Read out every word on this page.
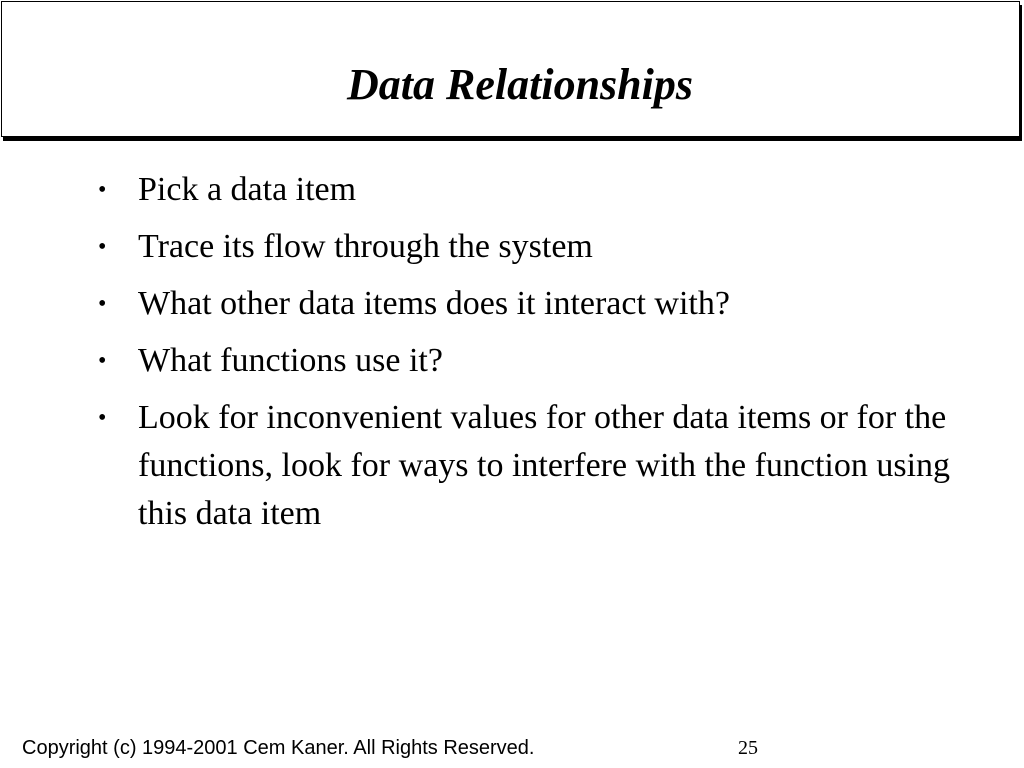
Data Relationships
• Pick a data item
• Trace its flow through the system
• What other data items does it interact with?
• What functions use it?
• Look for inconvenient values for other data items or for the functions, look for ways to interfere with the function using this data item
Copyright (c) 1994-2001 Cem Kaner. All Rights Reserved.	25
